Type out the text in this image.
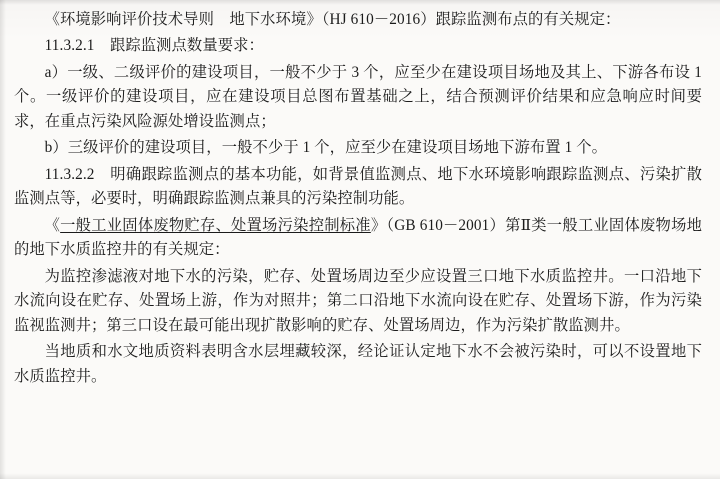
《环境影响评价技术导则　地下水环境》（HJ 610－2016）跟踪监测布点的有关规定：

11.3.2.1　跟踪监测点数量要求：

a）一级、二级评价的建设项目，一般不少于 3 个，应至少在建设项目场地及其上、下游各布设 1 个。一级评价的建设项目，应在建设项目总图布置基础之上，结合预测评价结果和应急响应时间要求，在重点污染风险源处增设监测点；

b）三级评价的建设项目，一般不少于 1 个，应至少在建设项目场地下游布置 1 个。

11.3.2.2　明确跟踪监测点的基本功能，如背景值监测点、地下水环境影响跟踪监测点、污染扩散监测点等，必要时，明确跟踪监测点兼具的污染控制功能。

《一般工业固体废物贮存、处置场污染控制标准》（GB 610－2001）第Ⅱ类一般工业固体废物场地的地下水质监控井的有关规定：

为监控渗滤液对地下水的污染，贮存、处置场周边至少应设置三口地下水质监控井。一口沿地下水流向设在贮存、处置场上游，作为对照井；第二口沿地下水流向设在贮存、处置场下游，作为污染监视监测井；第三口设在最可能出现扩散影响的贮存、处置场周边，作为污染扩散监测井。

当地质和水文地质资料表明含水层埋藏较深，经论证认定地下水不会被污染时，可以不设置地下水质监控井。
